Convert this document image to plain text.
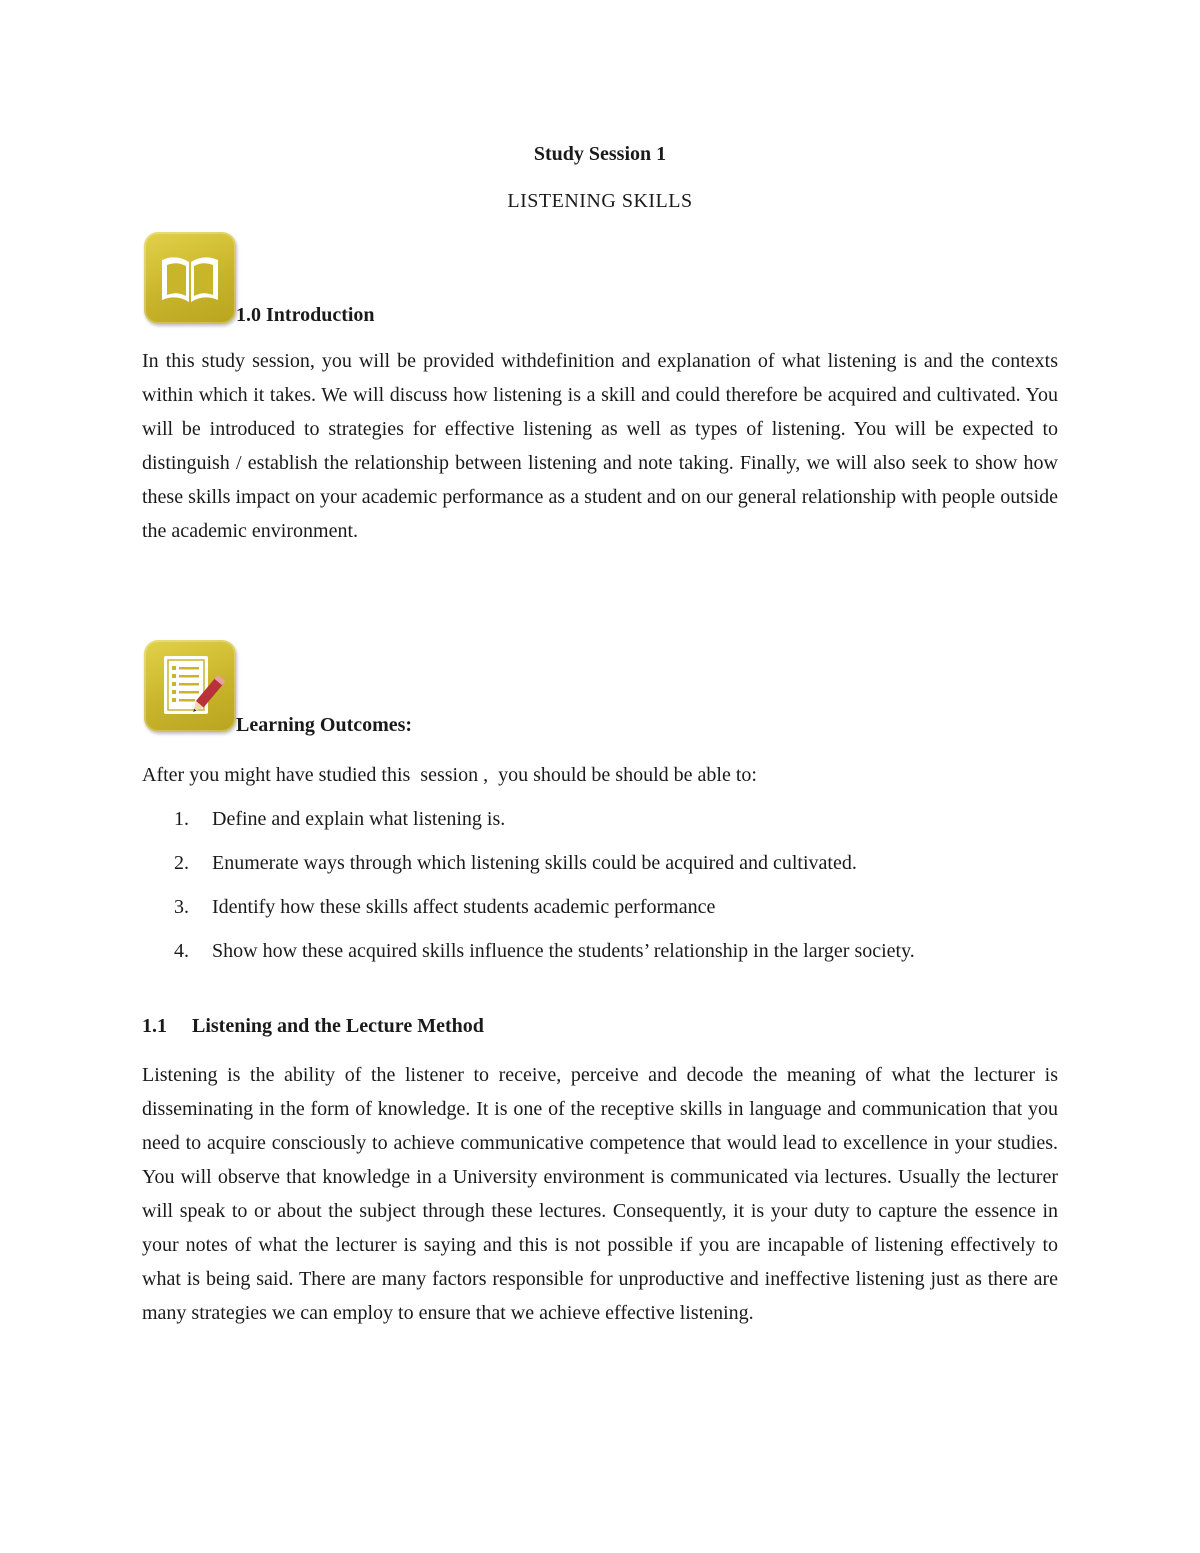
Study Session 1
LISTENING SKILLS
1.0 Introduction

In this study session, you will be provided withdefinition and explanation of what listening is and the contexts within which it takes. We will discuss how listening is a skill and could therefore be acquired and cultivated. You will be introduced to strategies for effective listening as well as types of listening. You will be expected to distinguish / establish the relationship between listening and note taking. Finally, we will also seek to show how these skills impact on your academic performance as a student and on our general relationship with people outside the academic environment.

Learning Outcomes:
After you might have studied this  session ,  you should be should be able to:
1. Define and explain what listening is.
2. Enumerate ways through which listening skills could be acquired and cultivated.
3. Identify how these skills affect students academic performance
4. Show how these acquired skills influence the students’ relationship in the larger society.
1.1 Listening and the Lecture Method

Listening is the ability of the listener to receive, perceive and decode the meaning of what the lecturer is disseminating in the form of knowledge. It is one of the receptive skills in language and communication that you need to acquire consciously to achieve communicative competence that would lead to excellence in your studies. You will observe that knowledge in a University environment is communicated via lectures. Usually the lecturer will speak to or about the subject through these lectures. Consequently, it is your duty to capture the essence in your notes of what the lecturer is saying and this is not possible if you are incapable of listening effectively to what is being said. There are many factors responsible for unproductive and ineffective listening just as there are many strategies we can employ to ensure that we achieve effective listening.
